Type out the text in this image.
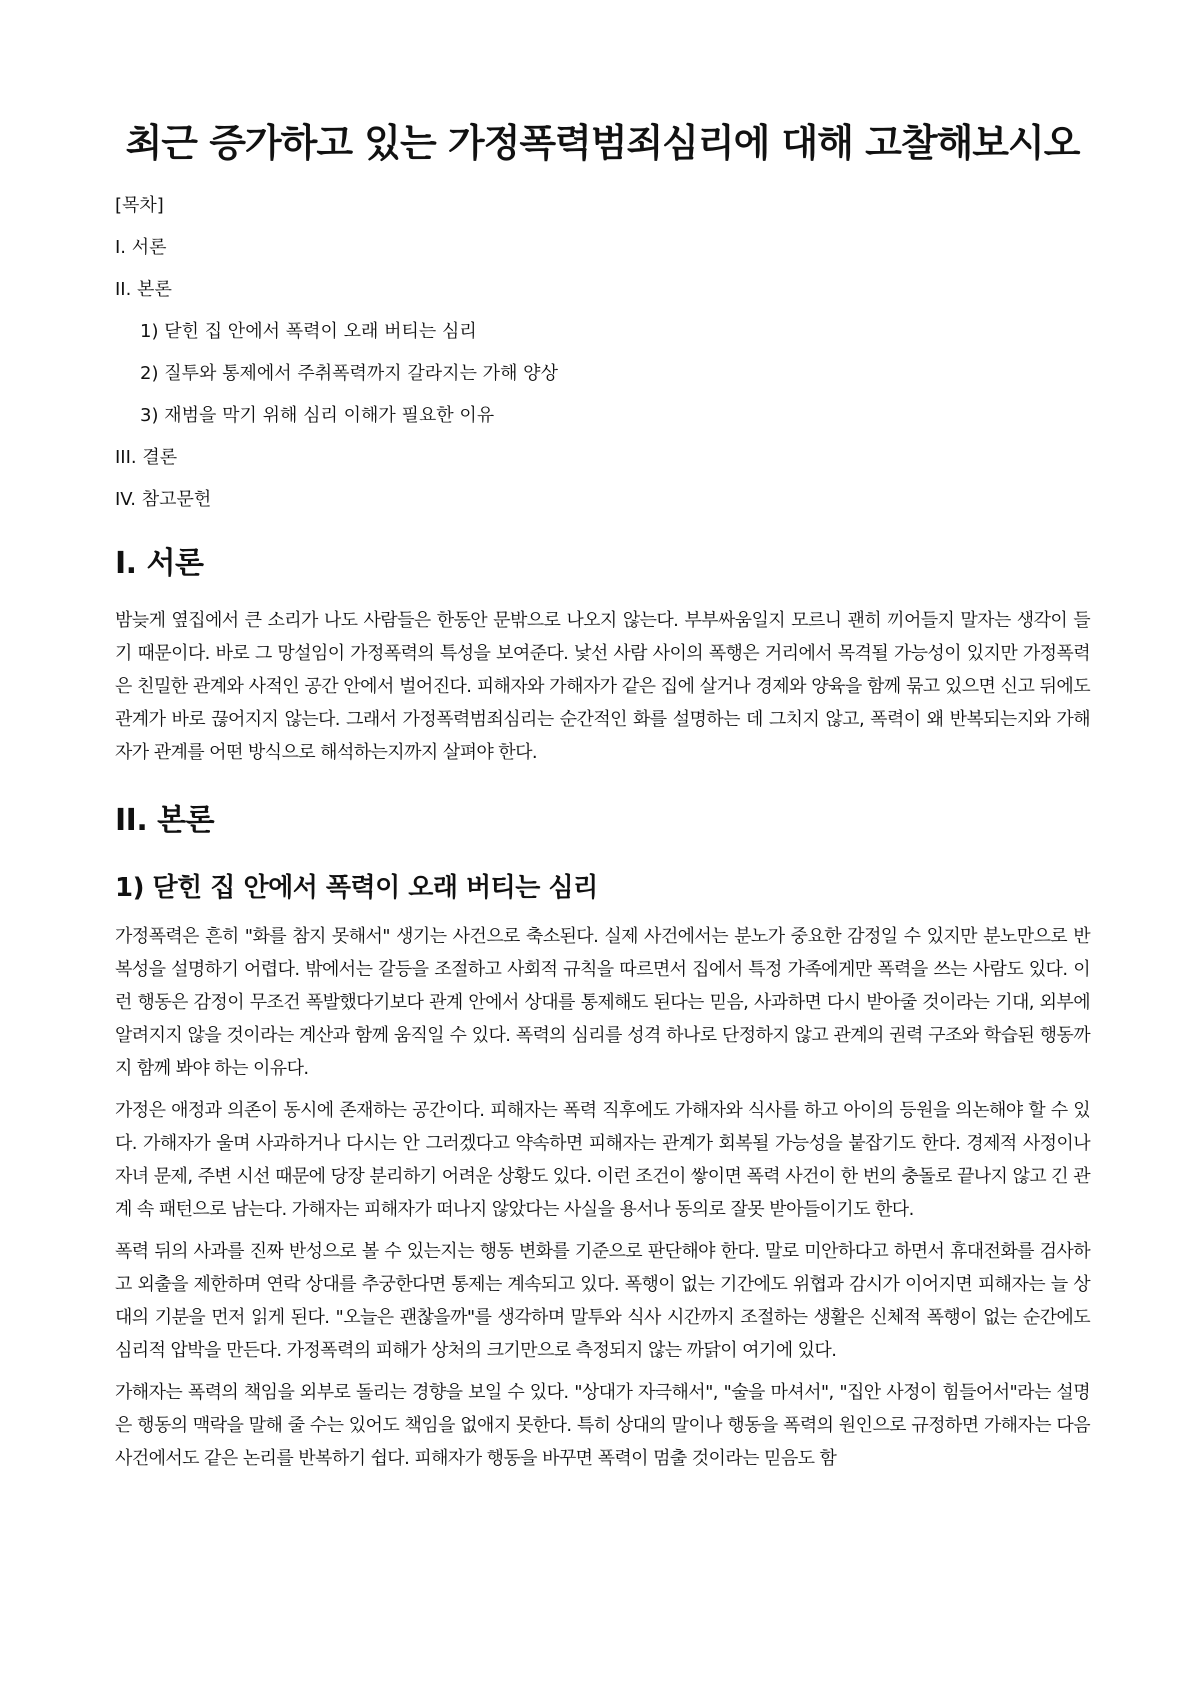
최근 증가하고 있는 가정폭력범죄심리에 대해 고찰해보시오
[목차]
I. 서론
II. 본론
1) 닫힌 집 안에서 폭력이 오래 버티는 심리
2) 질투와 통제에서 주취폭력까지 갈라지는 가해 양상
3) 재범을 막기 위해 심리 이해가 필요한 이유
III. 결론
IV. 참고문헌
I. 서론

밤늦게 옆집에서 큰 소리가 나도 사람들은 한동안 문밖으로 나오지 않는다. 부부싸움일지 모르니 괜히 끼어들지 말자는 생각이 들기 때문이다. 바로 그 망설임이 가정폭력의 특성을 보여준다. 낯선 사람 사이의 폭행은 거리에서 목격될 가능성이 있지만 가정폭력은 친밀한 관계와 사적인 공간 안에서 벌어진다. 피해자와 가해자가 같은 집에 살거나 경제와 양육을 함께 묶고 있으면 신고 뒤에도 관계가 바로 끊어지지 않는다. 그래서 가정폭력범죄심리는 순간적인 화를 설명하는 데 그치지 않고, 폭력이 왜 반복되는지와 가해자가 관계를 어떤 방식으로 해석하는지까지 살펴야 한다.

II. 본론
1) 닫힌 집 안에서 폭력이 오래 버티는 심리

가정폭력은 흔히 "화를 참지 못해서" 생기는 사건으로 축소된다. 실제 사건에서는 분노가 중요한 감정일 수 있지만 분노만으로 반복성을 설명하기 어렵다. 밖에서는 갈등을 조절하고 사회적 규칙을 따르면서 집에서 특정 가족에게만 폭력을 쓰는 사람도 있다. 이런 행동은 감정이 무조건 폭발했다기보다 관계 안에서 상대를 통제해도 된다는 믿음, 사과하면 다시 받아줄 것이라는 기대, 외부에 알려지지 않을 것이라는 계산과 함께 움직일 수 있다. 폭력의 심리를 성격 하나로 단정하지 않고 관계의 권력 구조와 학습된 행동까지 함께 봐야 하는 이유다.

가정은 애정과 의존이 동시에 존재하는 공간이다. 피해자는 폭력 직후에도 가해자와 식사를 하고 아이의 등원을 의논해야 할 수 있다. 가해자가 울며 사과하거나 다시는 안 그러겠다고 약속하면 피해자는 관계가 회복될 가능성을 붙잡기도 한다. 경제적 사정이나 자녀 문제, 주변 시선 때문에 당장 분리하기 어려운 상황도 있다. 이런 조건이 쌓이면 폭력 사건이 한 번의 충돌로 끝나지 않고 긴 관계 속 패턴으로 남는다. 가해자는 피해자가 떠나지 않았다는 사실을 용서나 동의로 잘못 받아들이기도 한다.

폭력 뒤의 사과를 진짜 반성으로 볼 수 있는지는 행동 변화를 기준으로 판단해야 한다. 말로 미안하다고 하면서 휴대전화를 검사하고 외출을 제한하며 연락 상대를 추궁한다면 통제는 계속되고 있다. 폭행이 없는 기간에도 위협과 감시가 이어지면 피해자는 늘 상대의 기분을 먼저 읽게 된다. "오늘은 괜찮을까"를 생각하며 말투와 식사 시간까지 조절하는 생활은 신체적 폭행이 없는 순간에도 심리적 압박을 만든다. 가정폭력의 피해가 상처의 크기만으로 측정되지 않는 까닭이 여기에 있다.

가해자는 폭력의 책임을 외부로 돌리는 경향을 보일 수 있다. "상대가 자극해서", "술을 마셔서", "집안 사정이 힘들어서"라는 설명은 행동의 맥락을 말해 줄 수는 있어도 책임을 없애지 못한다. 특히 상대의 말이나 행동을 폭력의 원인으로 규정하면 가해자는 다음 사건에서도 같은 논리를 반복하기 쉽다. 피해자가 행동을 바꾸면 폭력이 멈출 것이라는 믿음도 함
